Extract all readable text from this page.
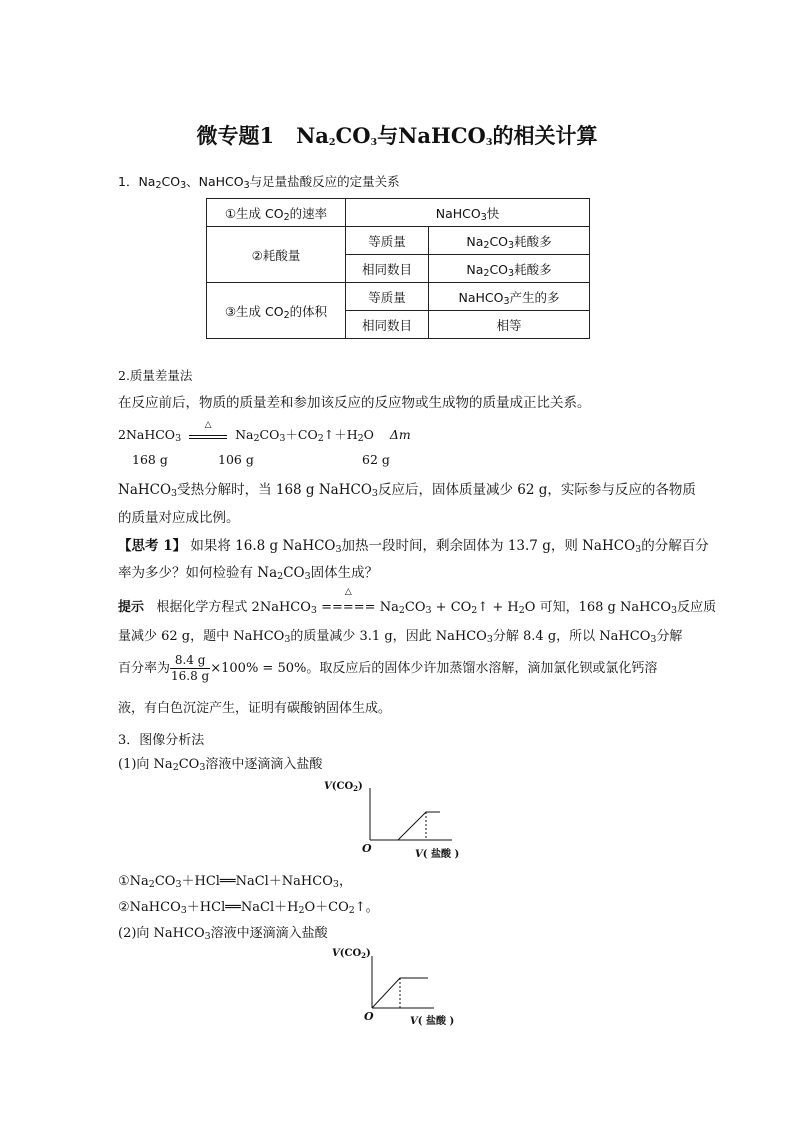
微专题1 $Na_2CO_3$与NaHCO$_3$的相关计算
1．$Na_2CO_3$、NaHCO$_3$与足量盐酸反应的定量关系
①生成 $CO_2$的速率	NaHCO$_3$快	
②耗酸量	等质量	$Na_2CO_3$耗酸多
	相同数目	$Na_2CO_3$耗酸多
③生成 $CO_2$的体积	等质量	NaHCO$_3$产生的多
	相同数目	相等
2.质量差量法
在反应前后，物质的质量差和参加该反应的反应物或生成物的质量成正比关系。
2NaHCO$_3$
△
$Na_2CO_3+CO_2↑+H_2O$ Δm
168 g	106 g	62 g
NaHCO$_3$受热分解时，当 168 g NaHCO$_3$反应后，固体质量减少 62 g，实际参与反应的各物质
的质量对应成比例。
【思考 1】 如果将 16.8 g NaHCO$_3$加热一段时间，剩余固体为 13.7 g，则 NaHCO$_3$的分解百分
率为多少？如何检验有 $Na_2CO_3$固体生成？
提示 根据化学方程式 2NaHCO$_3$
△
===== $Na_2CO_3$ + $CO_2↑ + H_2O$ 可知，168 g NaHCO$_3$反应质
量减少 62 g，题中 NaHCO$_3$的质量减少 3.1 g，因此 NaHCO$_3$分解 8.4 g，所以 NaHCO$_3$分解
百分率为 $\frac{8.4 g}{16.8 g} \times 100\% = 50\%$。取反应后的固体少许加蒸馏水溶解，滴加氯化钡或氯化钙溶
液，有白色沉淀产生，证明有碳酸钠固体生成。
3．图像分析法
(1)向 $Na_2CO_3$溶液中逐滴滴入盐酸
$V(CO_2)$
O	V( 盐酸 )
$①Na_2CO_3+HCl══NaCl+NaHCO_3$，
$②NaHCO_3+HCl══NaCl+H_2O+CO_2↑$。
(2)向 NaHCO$_3$溶液中逐滴滴入盐酸
$V(CO_2)$
O	V( 盐酸 )
